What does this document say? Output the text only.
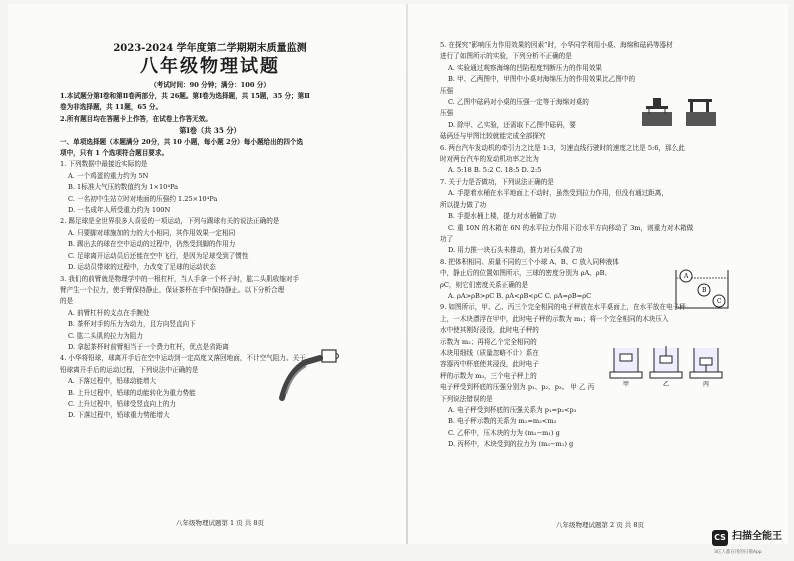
2023-2024 学年度第二学期期末质量监测
八年级物理试题
（考试时间：90 分钟；满分：100 分）
1.本试题分第Ⅰ卷和第Ⅱ卷两部分，共 26题。第Ⅰ卷为选择题，共 15题，35 分；第Ⅱ
卷为非选择题，共 11题，65 分。
2.所有题目均在答题卡上作答，在试卷上作答无效。
第Ⅰ卷（共 35 分）
一、单项选择题（本题满分 20分，共 10 小题，每小题 2分）每小题给出的四个选
项中，只有 1 个选项符合题目要求。
1. 下列数据中最接近实际的是
A. 一个鸡蛋的重力约为 5N
B. 1标准大气压的数值约为 1×10⁴Pa
C. 一名初中生站立时对地面的压强约 1.25×10⁴Pa
D. 一名成年人所受重力约为 100N
2. 踢足球是全世界很多人喜爱的一项运动，下列与踢球有关的说法正确的是
A. 只要脚对球施加的力的大小相同，其作用效果一定相同
B. 踢出去的球在空中运动的过程中，仍然受到脚的作用力
C. 足球离开运动员后还能在空中飞行，是因为足球受到了惯性
D. 运动员带球的过程中，力改变了足球的运动状态
3. 我们的前臂就是物理学中的一根杠杆，当人手拿一个杯子时，肱二头肌收缩对手
臂产生一个拉力，使手臂保持静止，保证茶杯在手中保持静止。以下分析合理
的是
A. 前臂杠杆的支点在手腕处
B. 茶杯对手的压力为动力，且方向竖直向下
C. 肱二头肌的拉力为阻力
D. 拿起茶杯时前臂相当于一个费力杠杆，优点是省距离
4. 小华将铅球，球离开手后在空中运动到一定高度又落回地面，不计空气阻力。关于
铅球离开手后的运动过程，下列说法中正确的是
A. 下落过程中，铅球动能增大
B. 上升过程中，铅球的动能转化为重力势能
C. 上升过程中，铅球受竖直向上的力
D. 下落过程中，铅球重力势能增大
5. 在探究“影响压力作用效果的因素”时，小华同学利用小桌、海绵和砝码等器材
进行了如图所示的实验，下列分析不正确的是
A. 实验通过观察海绵的凹陷程度判断压力的作用效果
B. 甲、乙两图中，甲图中小桌对海绵压力的作用效果比乙图中的
压强
C. 乙图中砝码对小桌的压强一定等于海绵对桌的
压强
D. 除甲、乙实验，还需取下乙图中砝码，要
砝码还与甲图比较就能完成全部探究
6. 两台汽车发动机的牵引力之比是 1:3，匀速直线行驶时的速度之比是 5:6，那么此
时对两台汽车的发动机功率之比为
A. 5:18 B. 5:2 C. 18:5 D. 2:5
7. 关于力是否做功，下列说法正确的是
A. 手提着水桶在水平地面上不动时，虽然受到拉力作用，但没有通过距离，
所以提力做了功
B. 手提水桶上楼，提力对水桶做了功
C. 重 10N 的木箱在 6N 的水平拉力作用下沿水平方向移动了 3m，则重力对木箱做
功了
D. 用力推一块石头未推动，推力对石头做了功
8. 把体积相同、质量不同的三个小球 A、B、C 放入同种液体
中，静止后的位置如图所示，三球的密度分别为 ρA、ρB、
ρC，则它们密度关系正确的是
A. ρA>ρB>ρC B. ρA<ρB<ρC C. ρA=ρB=ρC
9. 如图所示，甲、乙、丙三个完全相同的电子秤放在水平桌面上，在水平放在电子秤
上，一木块漂浮在甲中，此时电子秤的示数为 m₁；将一个完全相同的木块压入
水中使其刚好浸没，此时电子秤的
示数为 m₂；再将乙个完全相同的
木块用细线（质量忽略不计）系在
容器丙中杯底使其浸没，此时电子
秤的示数为 m₃，三个电子秤上的
电子秤受到杯底的压强分别为 p₁、p₂、p₃。 甲 乙 丙
下列说法错误的是
A. 电子秤受到杯底的压强关系为 p₁=p₂<p₃
B. 电子秤示数的关系为 m₁=m₂<m₃
C. 乙杯中，压木块的力为 (m₂−m₁) g
D. 丙杯中，木块受到的拉力为 (m₃−m₁) g
A
B
C
甲	乙	丙
八年级物理试题第 1 页 共 8页	八年级物理试题第 2 页 共 8页
CS 扫描全能王
3亿人都在用的扫描App
